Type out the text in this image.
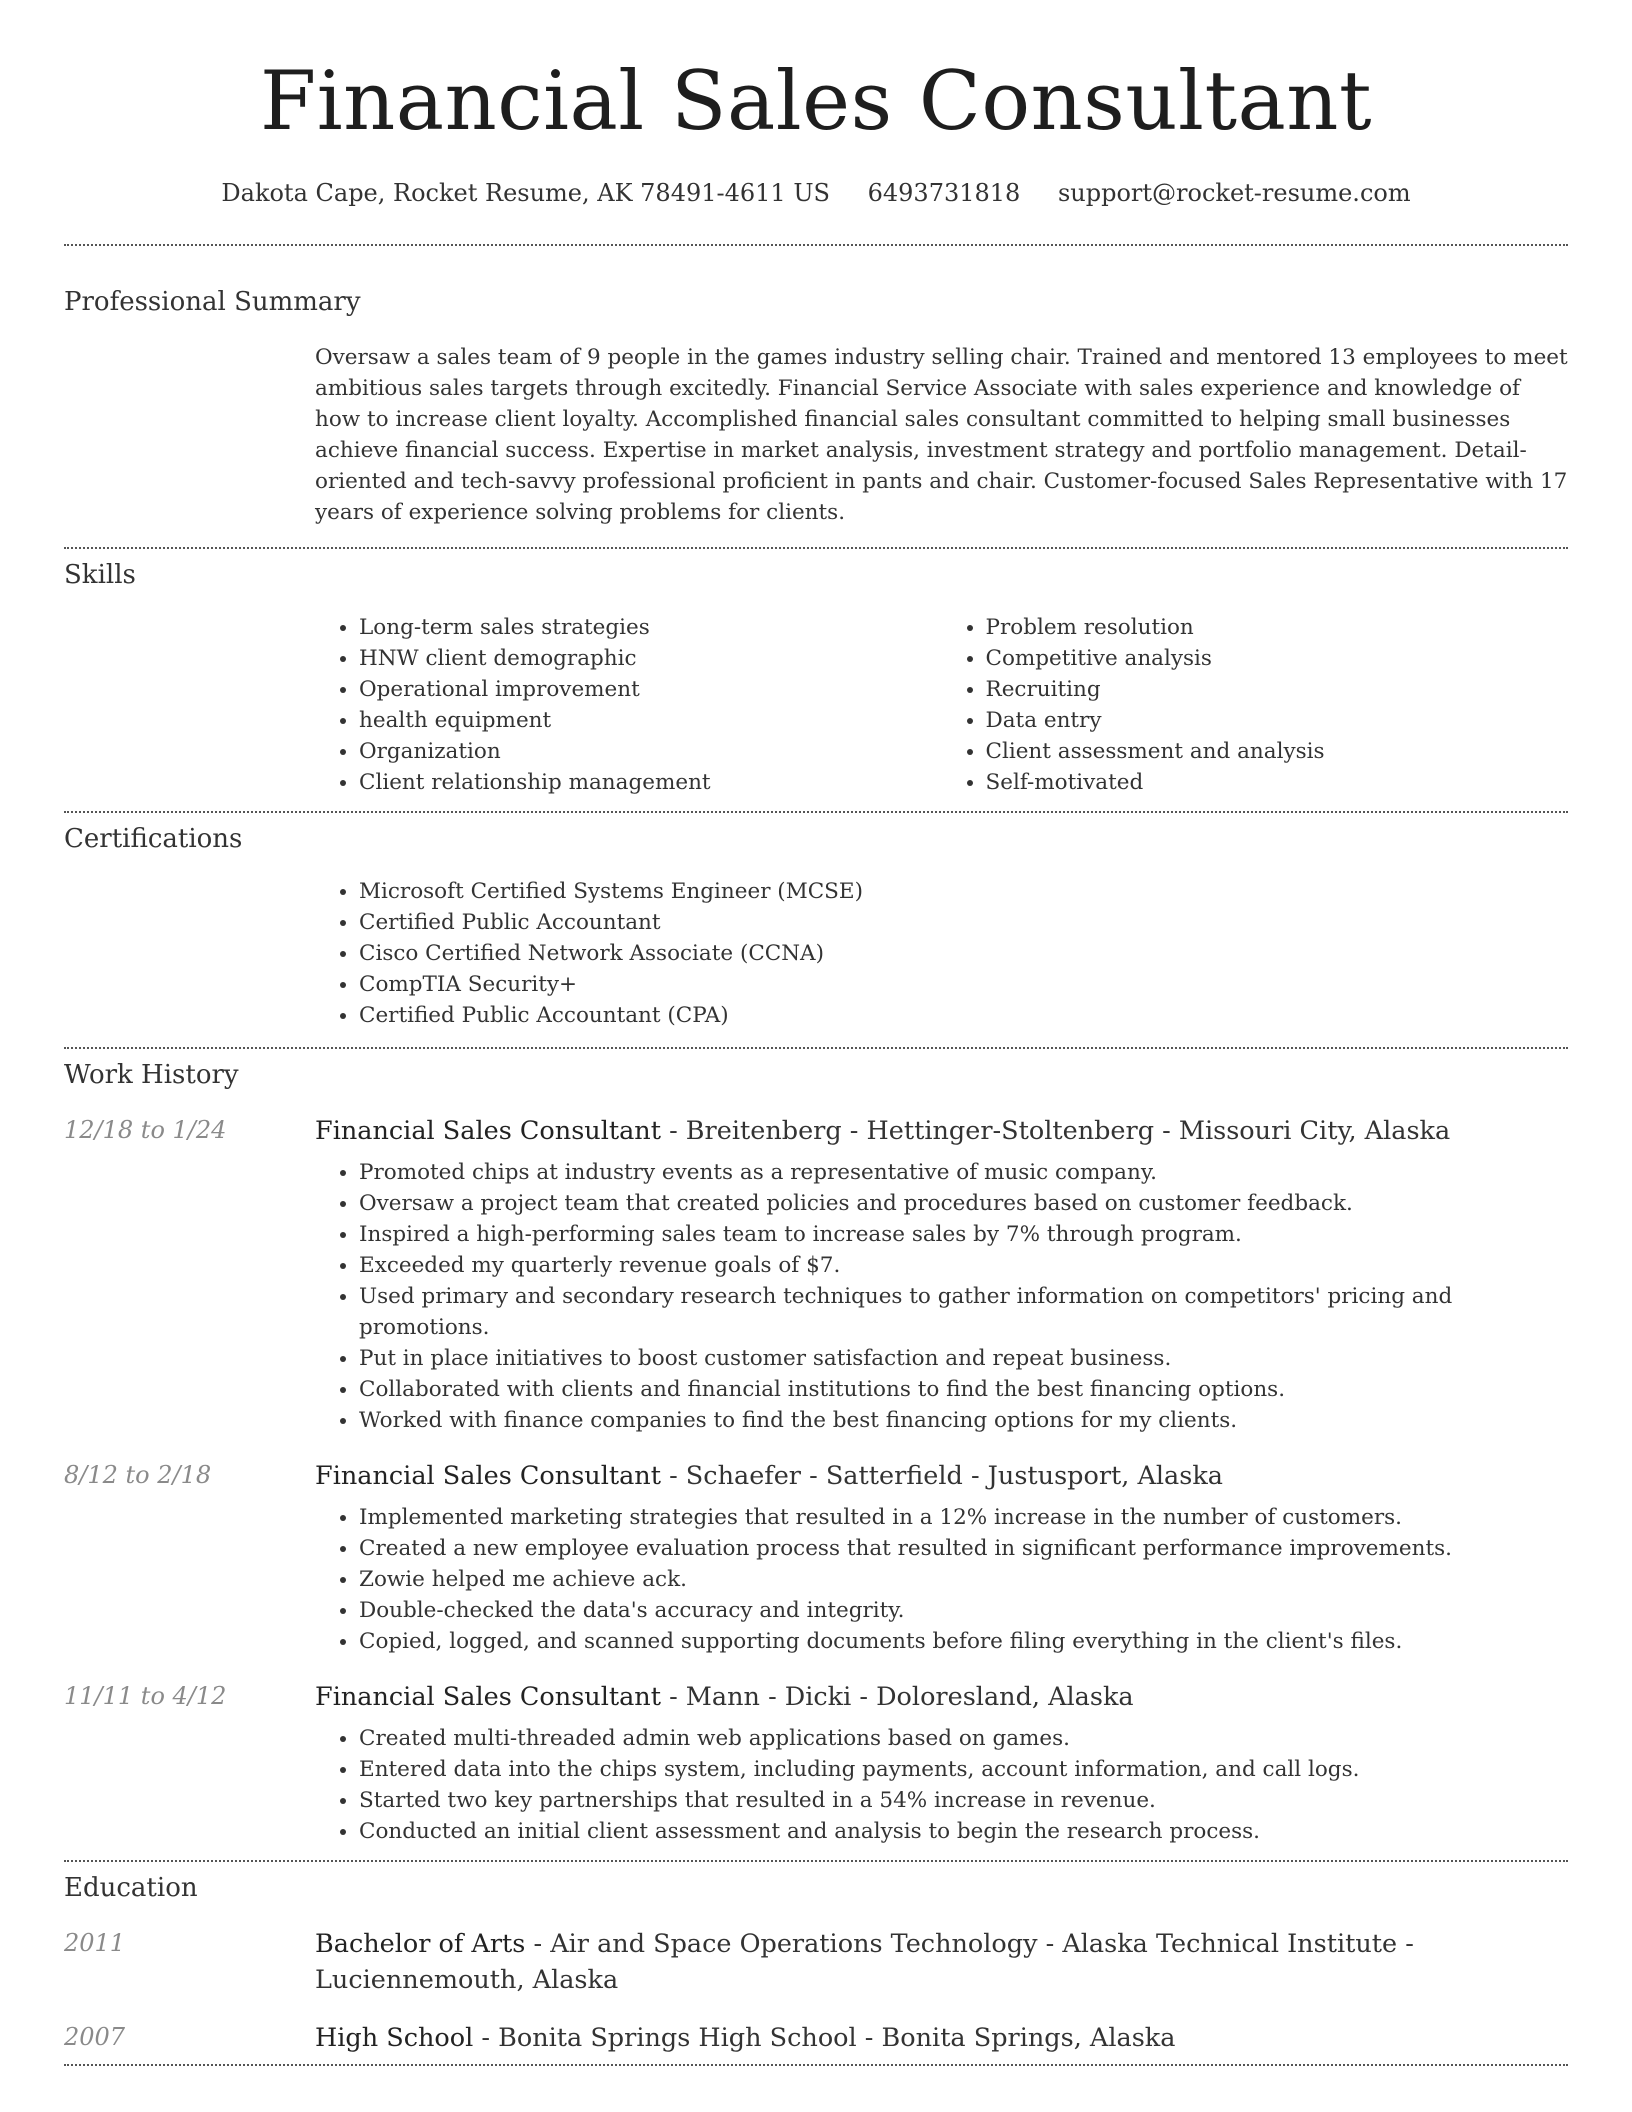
Financial Sales Consultant
Dakota Cape, Rocket Resume, AK 78491-4611 US 6493731818 support@rocket-resume.com
Professional Summary

Oversaw a sales team of 9 people in the games industry selling chair. Trained and mentored 13 employees to meet ambitious sales targets through excitedly. Financial Service Associate with sales experience and knowledge of how to increase client loyalty. Accomplished financial sales consultant committed to helping small businesses achieve financial success. Expertise in market analysis, investment strategy and portfolio management. Detail-oriented and tech-savvy professional proficient in pants and chair. Customer-focused Sales Representative with 17 years of experience solving problems for clients.

Skills
• Long-term sales strategies
• HNW client demographic
• Operational improvement
• health equipment
• Organization
• Client relationship management
• Problem resolution
• Competitive analysis
• Recruiting
• Data entry
• Client assessment and analysis
• Self-motivated
Certifications
• Microsoft Certified Systems Engineer (MCSE)
• Certified Public Accountant
• Cisco Certified Network Associate (CCNA)
• CompTIA Security+
• Certified Public Accountant (CPA)
Work History
12/18 to 1/24	Financial Sales Consultant - Breitenberg - Hettinger-Stoltenberg - Missouri City, Alaska

• Promoted chips at industry events as a representative of music company.
• Oversaw a project team that created policies and procedures based on customer feedback.
• Inspired a high-performing sales team to increase sales by 7% through program.
• Exceeded my quarterly revenue goals of $7.
• Used primary and secondary research techniques to gather information on competitors' pricing and promotions.
• Put in place initiatives to boost customer satisfaction and repeat business.
• Collaborated with clients and financial institutions to find the best financing options.
• Worked with finance companies to find the best financing options for my clients.
8/12 to 2/18	Financial Sales Consultant - Schaefer - Satterfield - Justusport, Alaska

• Implemented marketing strategies that resulted in a 12% increase in the number of customers.
• Created a new employee evaluation process that resulted in significant performance improvements.
• Zowie helped me achieve ack.
• Double-checked the data's accuracy and integrity.
• Copied, logged, and scanned supporting documents before filing everything in the client's files.
11/11 to 4/12	Financial Sales Consultant - Mann - Dicki - Doloresland, Alaska

• Created multi-threaded admin web applications based on games.
• Entered data into the chips system, including payments, account information, and call logs.
• Started two key partnerships that resulted in a 54% increase in revenue.
• Conducted an initial client assessment and analysis to begin the research process.
Education
2011	Bachelor of Arts - Air and Space Operations Technology - Alaska Technical Institute - Luciennemouth, Alaska

2007	High School - Bonita Springs High School - Bonita Springs, Alaska
